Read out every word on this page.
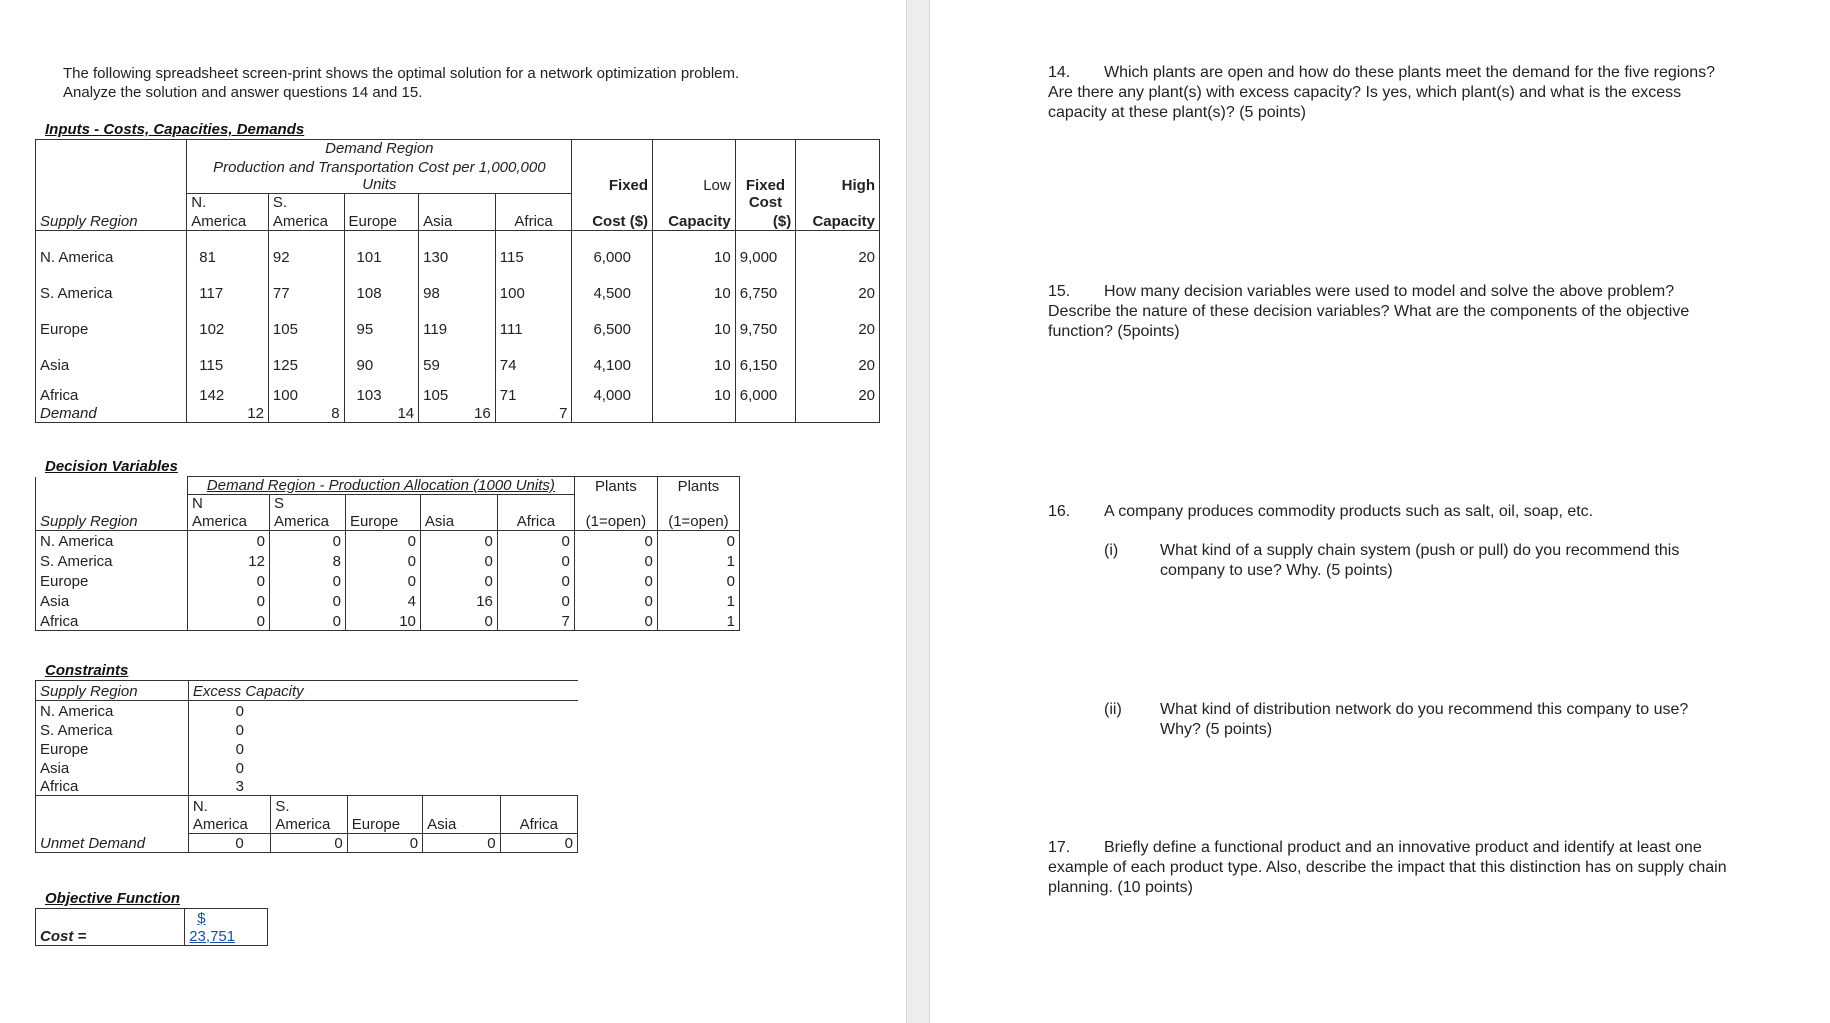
The following spreadsheet screen-print shows the optimal solution for a network optimization problem.
Analyze the solution and answer questions 14 and 15.
Inputs - Costs, Capacities, Demands
	Demand Region								
	Production and Transportation Cost per 1,000,000								
	Units					Fixed	Low	Fixed	High
	N.	S.						Cost	
Supply Region	America	America	Europe	Asia	Africa	Cost ($)	Capacity	($)	Capacity
N. America	81	92	101	130	115	6,000	10	9,000	20
S. America	117	77	108	98	100	4,500	10	6,750	20
Europe	102	105	95	119	111	6,500	10	9,750	20
Asia	115	125	90	59	74	4,100	10	6,150	20
Africa	142	100	103	105	71	4,000	10	6,000	20
Demand	12	8	14	16	7				
Decision Variables
	Demand Region - Production Allocation (1000 Units)					Plants	Plants
	N	S					
Supply Region	America	America	Europe	Asia	Africa	(1=open)	(1=open)
N. America	0	0	0	0	0	0	0
S. America	12	8	0	0	0	0	1
Europe	0	0	0	0	0	0	0
Asia	0	0	4	16	0	0	1
Africa	0	0	10	0	7	0	1
Constraints
Supply Region	Excess Capacity				
N. America	0				
S. America	0				
Europe	0				
Asia	0				
Africa	3				
	N.	S.			
	America	America	Europe	Asia	Africa
Unmet Demand	0	0	0	0	0
Objective Function
	$
Cost =	23,751
14. Which plants are open and how do these plants meet the demand for the five regions?
Are there any plant(s) with excess capacity? Is yes, which plant(s) and what is the excess
capacity at these plant(s)? (5 points)
15. How many decision variables were used to model and solve the above problem?
Describe the nature of these decision variables? What are the components of the objective
function? (5points)
16. A company produces commodity products such as salt, oil, soap, etc.
(i)	What kind of a supply chain system (push or pull) do you recommend this
company to use? Why. (5 points)
(ii) What kind of distribution network do you recommend this company to use?
Why? (5 points)
17. Briefly define a functional product and an innovative product and identify at least one
example of each product type. Also, describe the impact that this distinction has on supply chain
planning. (10 points)
